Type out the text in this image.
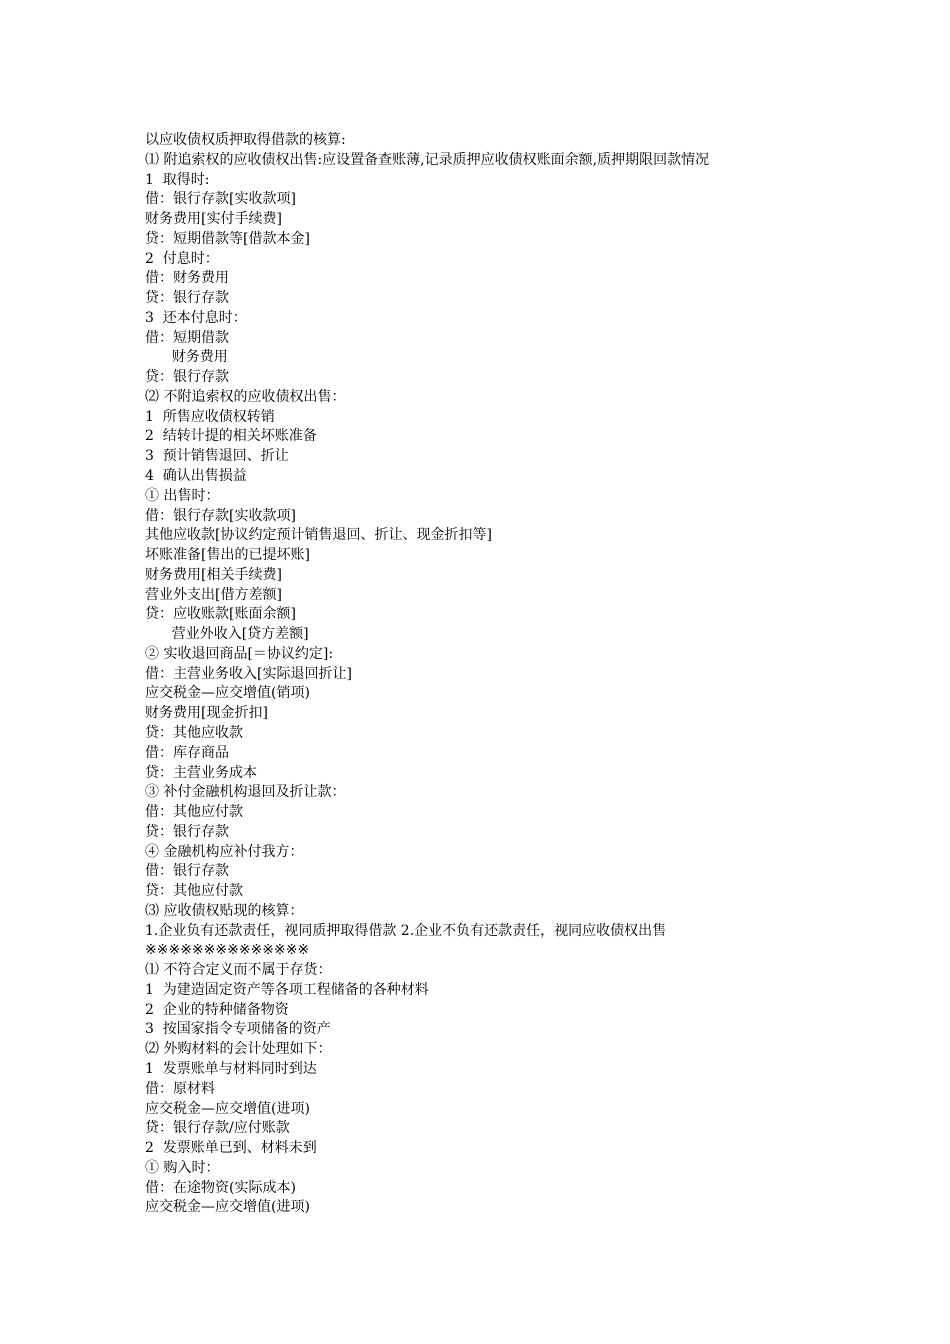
以应收债权质押取得借款的核算:
⑴ 附追索权的应收债权出售:应设置备查账薄,记录质押应收债权账面余额,质押期限回款情况
1  取得时:
借：银行存款[实收款项]
财务费用[实付手续费]
贷：短期借款等[借款本金]
2  付息时：
借：财务费用
贷：银行存款
3  还本付息时：
借：短期借款
财务费用
贷：银行存款
⑵ 不附追索权的应收债权出售：
1  所售应收债权转销
2  结转计提的相关坏账准备
3  预计销售退回、折让
4  确认出售损益
① 出售时：
借：银行存款[实收款项]
其他应收款[协议约定预计销售退回、折让、现金折扣等]
坏账准备[售出的已提坏账]
财务费用[相关手续费]
营业外支出[借方差额]
贷：应收账款[账面余额]
营业外收入[贷方差额]
② 实收退回商品[＝协议约定]:
借：主营业务收入[实际退回折让]
应交税金—应交增值(销项)
财务费用[现金折扣]
贷：其他应收款
借：库存商品
贷：主营业务成本
③ 补付金融机构退回及折让款：
借：其他应付款
贷：银行存款
④ 金融机构应补付我方：
借：银行存款
贷：其他应付款
⑶ 应收债权贴现的核算：
1.企业负有还款责任，视同质押取得借款 2.企业不负有还款责任，视同应收债权出售
※※※※※※※※※※※※※※
⑴ 不符合定义而不属于存货：
1  为建造固定资产等各项工程储备的各种材料
2  企业的特种储备物资
3  按国家指令专项储备的资产
⑵ 外购材料的会计处理如下：
1  发票账单与材料同时到达
借：原材料
应交税金—应交增值(进项)
贷：银行存款/应付账款
2  发票账单已到、材料未到
① 购入时：
借：在途物资(实际成本)
应交税金—应交增值(进项)
